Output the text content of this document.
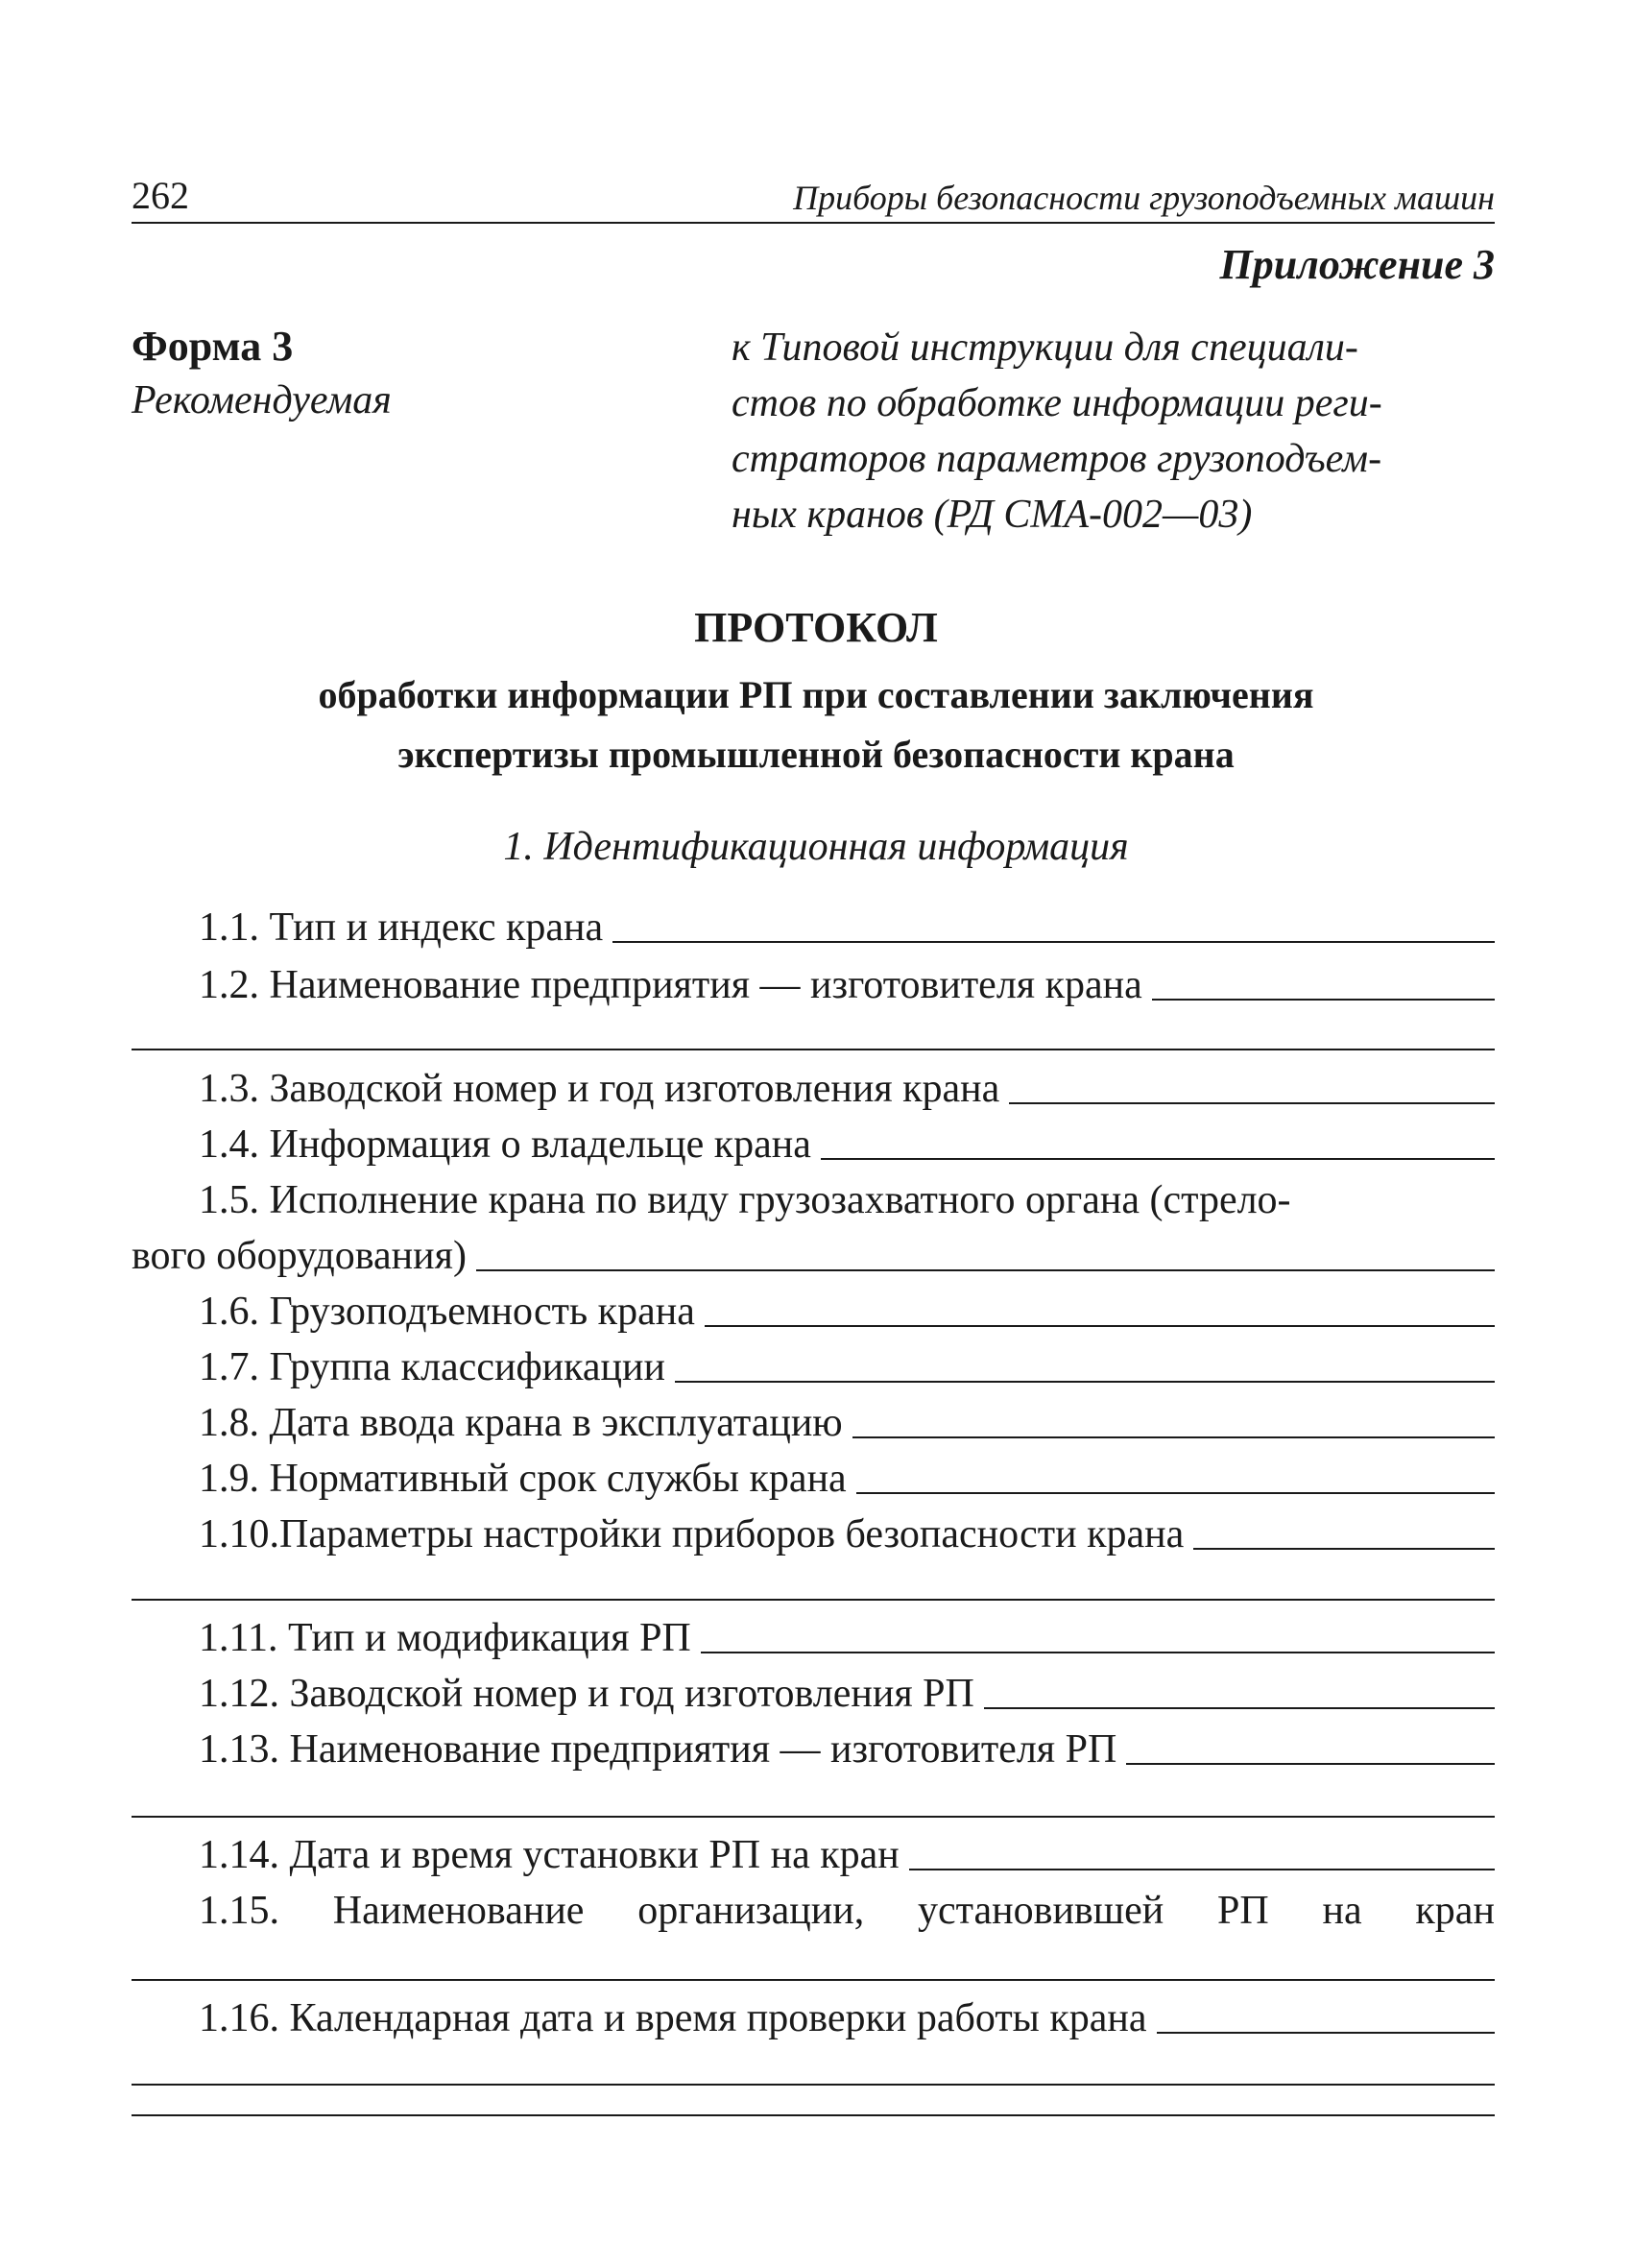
262	Приборы безопасности грузоподъемных машин
Приложение 3
Форма 3
Рекомендуемая
к Типовой инструкции для специали-
стов по обработке информации реги-
страторов параметров грузоподъем-
ных кранов (РД СМА-002—03)
ПРОТОКОЛ
обработки информации РП при составлении заключения
экспертизы промышленной безопасности крана
1. Идентификационная информация
1.1. Тип и индекс крана
1.2. Наименование предприятия — изготовителя крана
1.3. Заводской номер и год изготовления крана
1.4. Информация о владельце крана
1.5. Исполнение крана по виду грузозахватного органа (стрело-
вого оборудования)
1.6. Грузоподъемность крана
1.7. Группа классификации
1.8. Дата ввода крана в эксплуатацию
1.9. Нормативный срок службы крана
1.10.Параметры настройки приборов безопасности крана
1.11. Тип и модификация РП
1.12. Заводской номер и год изготовления РП
1.13. Наименование предприятия — изготовителя РП
1.14. Дата и время установки РП на кран
1.15. Наименование организации, установившей РП на кран
1.16. Календарная дата и время проверки работы крана
